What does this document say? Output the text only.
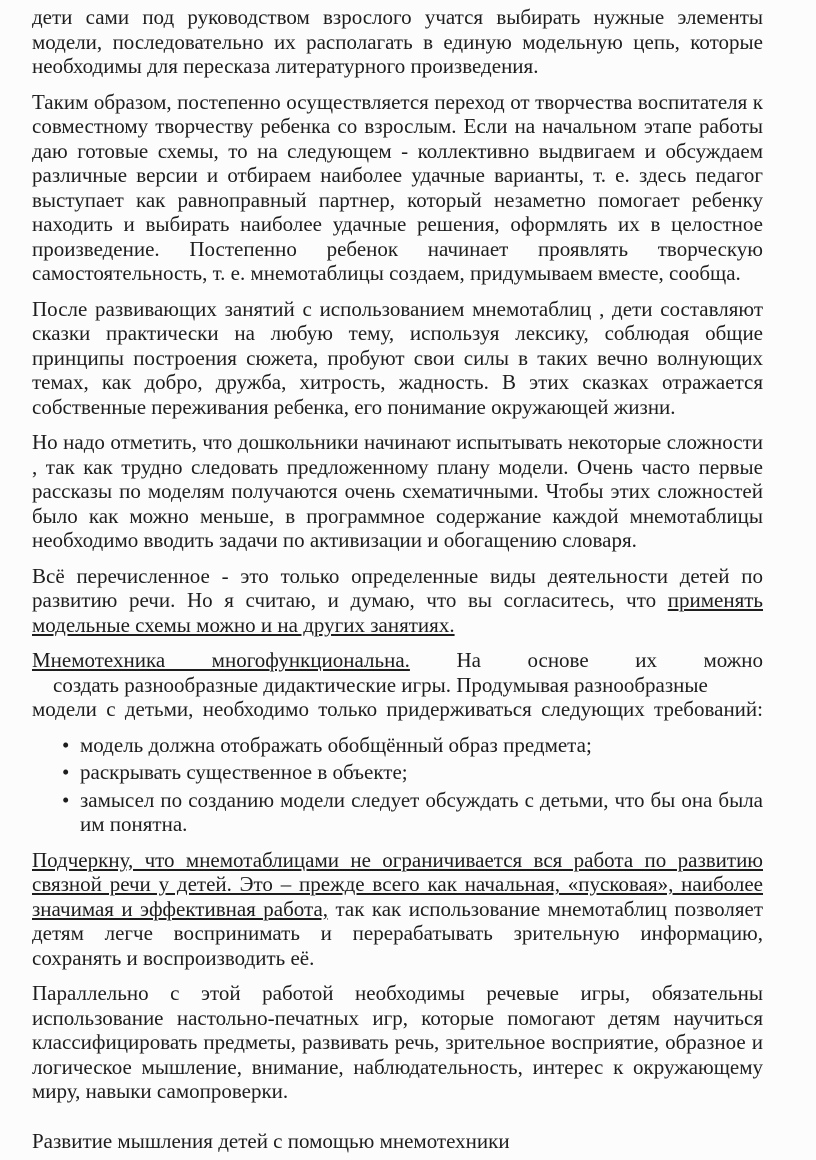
дети сами под руководством взрослого учатся выбирать нужные элементы модели, последовательно их располагать в единую модельную цепь, которые необходимы для пересказа литературного произведения.

Таким образом, постепенно осуществляется переход от творчества воспитателя к совместному творчеству ребенка со взрослым. Если на начальном этапе работы даю готовые схемы, то на следующем - коллективно выдвигаем и обсуждаем различные версии и отбираем наиболее удачные варианты, т. е. здесь педагог выступает как равноправный партнер, который незаметно помогает ребенку находить и выбирать наиболее удачные решения, оформлять их в целостное произведение. Постепенно ребенок начинает проявлять творческую самостоятельность, т. е. мнемотаблицы создаем, придумываем вместе, сообща.

После развивающих занятий с использованием мнемотаблиц , дети составляют сказки практически на любую тему, используя лексику, соблюдая общие принципы построения сюжета, пробуют свои силы в таких вечно волнующих темах, как добро, дружба, хитрость, жадность. В этих сказках отражается собственные переживания ребенка, его понимание окружающей жизни.

Но надо отметить, что дошкольники начинают испытывать некоторые сложности , так как трудно следовать предложенному плану модели. Очень часто первые рассказы по моделям получаются очень схематичными. Чтобы этих сложностей было как можно меньше, в программное содержание каждой мнемотаблицы необходимо вводить задачи по активизации и обогащению словаря.

Всё перечисленное - это только определенные виды деятельности детей по развитию речи. Но я считаю, и думаю, что вы согласитесь, что применять модельные схемы можно и на других занятиях.

Мнемотехника многофункциональна. На основе их можно
создать разнообразные дидактические игры. Продумывая разнообразные
модели с детьми, необходимо только придерживаться следующих требований:
• модель должна отображать обобщённый образ предмета;
• раскрывать существенное в объекте;
• замысел по созданию модели следует обсуждать с детьми, что бы она была им понятна.

Подчеркну, что мнемотаблицами не ограничивается вся работа по развитию связной речи у детей. Это – прежде всего как начальная, «пусковая», наиболее значимая и эффективная работа, так как использование мнемотаблиц позволяет детям легче воспринимать и перерабатывать зрительную информацию, сохранять и воспроизводить её.

Параллельно с этой работой необходимы речевые игры, обязательны использование настольно-печатных игр, которые помогают детям научиться классифицировать предметы, развивать речь, зрительное восприятие, образное и логическое мышление, внимание, наблюдательность, интерес к окружающему миру, навыки самопроверки.

Развитие мышления детей с помощью мнемотехники
